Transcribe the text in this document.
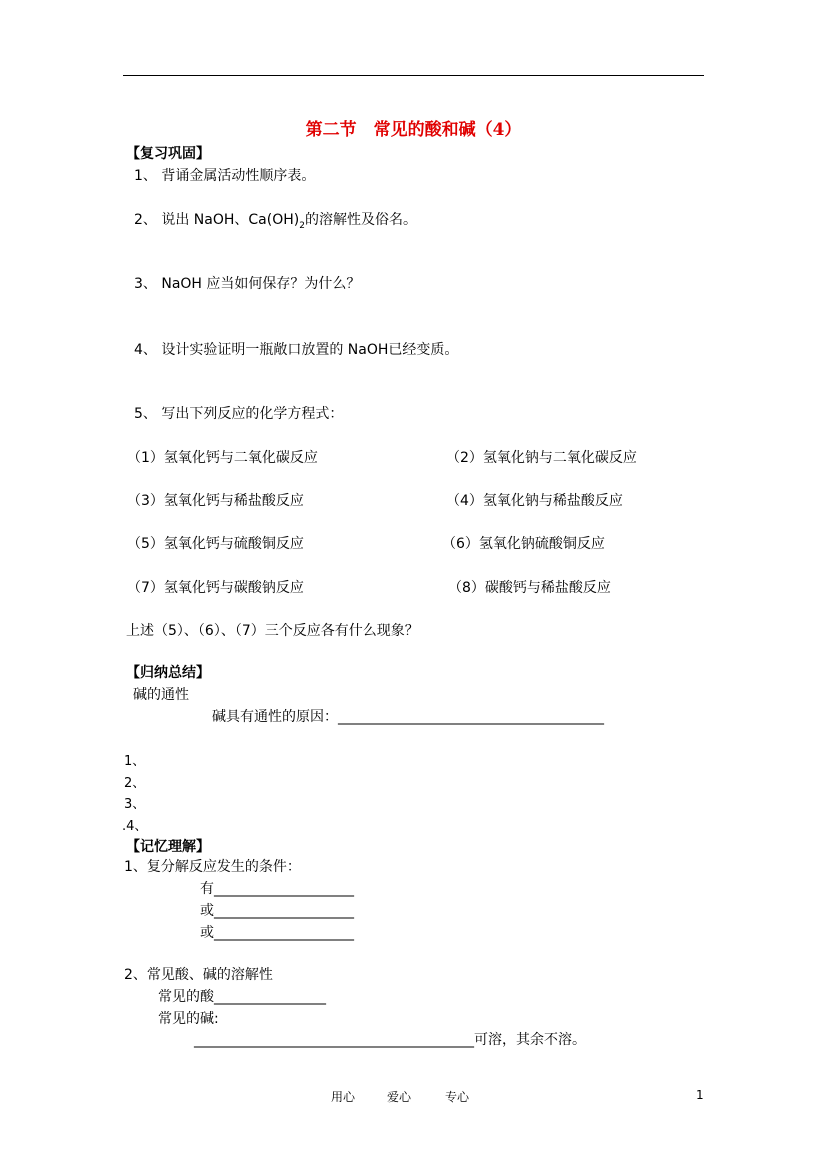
第二节　常见的酸和碱（4）
【复习巩固】
1、 背诵金属活动性顺序表。
2、 说出 NaOH、$Ca(OH)_2$的溶解性及俗名。
3、 NaOH 应当如何保存？为什么？
4、 设计实验证明一瓶敞口放置的 NaOH已经变质。
5、 写出下列反应的化学方程式：
（1）氢氧化钙与二氧化碳反应	（2）氢氧化钠与二氧化碳反应
（3）氢氧化钙与稀盐酸反应	（4）氢氧化钠与稀盐酸反应
（5）氢氧化钙与硫酸铜反应	（6）氢氧化钠硫酸铜反应
（7）氢氧化钙与碳酸钠反应	（8）碳酸钙与稀盐酸反应
上述（5）、（6）、（7）三个反应各有什么现象？
【归纳总结】
碱的通性
碱具有通性的原因：______________________________________
1、
2、
3、
.4、
【记忆理解】
1、复分解反应发生的条件：
有____________________
或____________________
或____________________
2、常见酸、碱的溶解性
常见的酸________________
常见的碱:
________________________________________可溶，其余不溶。
用心	爱心	专心	1
